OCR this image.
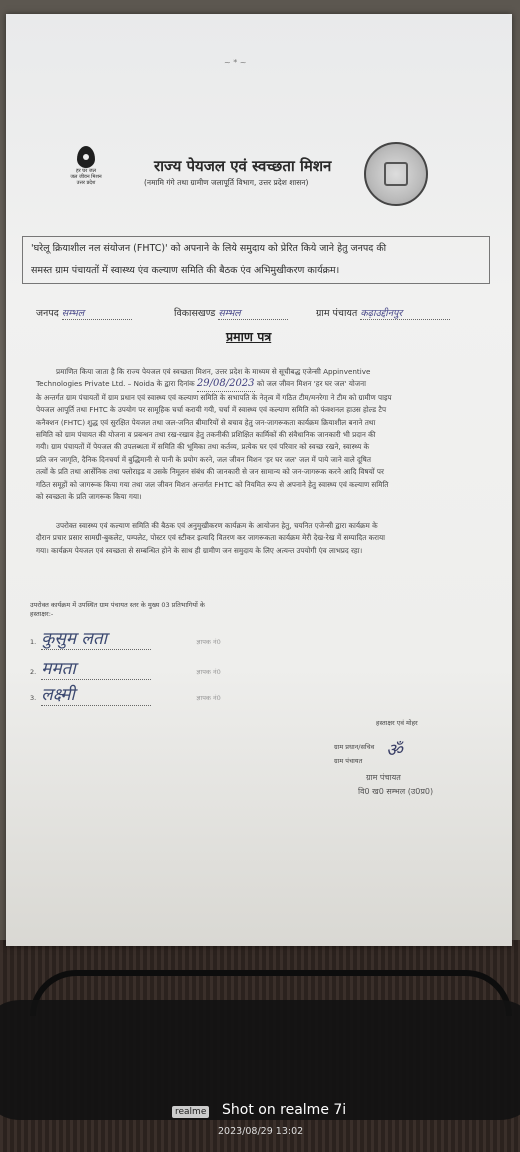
~ * ~
हर घर जल
जल जीवन मिशन
उत्तर प्रदेश
राज्य पेयजल एवं स्वच्छता मिशन
(नमामि गंगे तथा ग्रामीण जलापूर्ति विभाग, उत्तर प्रदेश शासन)
'घरेलू क्रियाशील नल संयोजन (FHTC)' को अपनाने के लिये समुदाय को प्रेरित किये जाने हेतु जनपद की
समस्त ग्राम पंचायतों में स्वास्थ्य एंव कल्याण समिति की बैठक एंव अभिमुखीकरण कार्यक्रम।
जनपद सम्भल	विकासखण्ड सम्भल	ग्राम पंचायत कढ़ाउद्दीनपुर
प्रमाण पत्र
प्रमाणित किया जाता है कि राज्य पेयजल एवं स्वच्छता मिशन, उत्तर प्रदेश के माध्यम से सूचीबद्ध एजेन्सी Appinventive
Technologies Private Ltd. – Noida के द्वारा दिनांक 29/08/2023 को जल जीवन मिशन 'हर घर जल' योजना
के अन्तर्गत ग्राम पंचायतों में ग्राम प्रधान एवं स्वास्थ्य एवं कल्याण समिति के सभापति के नेतृत्व में गठित टीम/मनरेगा ने टीम को ग्रामीण पाइप
पेयजल आपूर्ति तथा FHTC के उपयोग पर सामूहिक चर्चा करायी गयी, चर्चा में स्वास्थ्य एवं कल्याण समिति को फंक्शनल हाउस होल्ड टैप
कनैक्शन (FHTC) शुद्ध एवं सुरक्षित पेयजल तथा जल-जनित बीमारियों से बचाव हेतु जन-जागरूकता कार्यक्रम क्रियाशील बनाने तथा
समिति को ग्राम पंचायत की योजना व प्रबन्धन तथा रख-रखाव हेतु तकनीकी प्रशिक्षित कार्मिकों की संवैधानिक जानकारी भी प्रदान की
गयी। ग्राम पंचायतों में पेयजल की उपलब्धता में समिति की भूमिका तथा कर्तव्य, प्रत्येक घर एवं परिवार को स्वच्छ रखने, स्वास्थ्य के
प्रति जन जागृति, दैनिक दिनचर्या में बुद्धिमानी से पानी के प्रयोग करने, जल जीवन मिशन 'हर घर जल' जल में पाये जाने वाले दूषित
तत्वों के प्रति तथा आर्सेनिक तथा फ्लोराइड व उसके निमूलन संबंध की जानकारी से जन सामान्य को जन-जागरूक करने आदि विषयों पर
गठित समूहों को जागरूक किया गया तथा जल जीवन मिशन अन्तर्गत FHTC को नियमित रूप से अपनाने हेतु स्वास्थ्य एवं कल्याण समिति
को स्वच्छता के प्रति जागरूक किया गया।
उपरोक्त स्वास्थ्य एवं कल्याण समिति की बैठक एवं अनुमुखीकरण कार्यक्रम के आयोजन हेतु, चयनित एजेन्सी द्वारा कार्यक्रम के
दौरान प्रचार प्रसार सामग्री-बुकलेट, पम्पलेट, पोस्टर एवं स्टीकर इत्यादि वितरण कर जागरूकता कार्यक्रम मेरी देख-रेख में सम्पादित कराया
गया। कार्यक्रम पेयजल एवं स्वच्छता से सम्बन्धित होने के साथ ही ग्रामीण जन समुदाय के लिए अत्यन्त उपयोगी एंव लाभप्रद रहा।
उपरोक्त कार्यक्रम में उपस्थित ग्राम पंचायत स्तर के मुख्य 03 प्रतिभागियों के
हस्ताक्षर:-
1. कुसुम लता	ज्ञापक नं0
2. ममता	ज्ञापक नं0
3. लक्ष्मी	ज्ञापक नं0
हस्ताक्षर एवं मोहर
ग्राम प्रधान/सचिव
ग्राम पंचायत ॐ
ग्राम पंचायत
वि0 ख0 सम्भल (उ0प्र0)
realme Shot on realme 7i
2023/08/29 13:02
